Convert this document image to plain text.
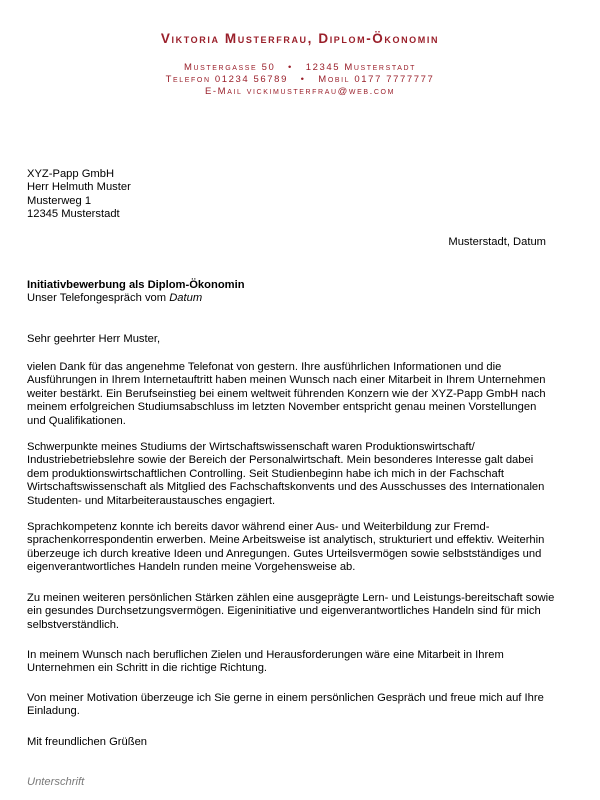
Viktoria Musterfrau, Diplom-Ökonomin
Mustergasse 50   •   12345 Musterstadt
Telefon 01234 56789   •   Mobil 0177 7777777
E-Mail vickimusterfrau@web.com
XYZ-Papp GmbH
Herr Helmuth Muster
Musterweg 1
12345 Musterstadt
Musterstadt, Datum
Initiativbewerbung als Diplom-Ökonomin
Unser Telefongespräch vom Datum
Sehr geehrter Herr Muster,
vielen Dank für das angenehme Telefonat von gestern. Ihre ausführlichen Informationen und die Ausführungen in Ihrem Internetauftritt haben meinen Wunsch nach einer Mitarbeit in Ihrem Unternehmen weiter bestärkt. Ein Berufseinstieg bei einem weltweit führenden Konzern wie der XYZ-Papp GmbH nach meinem erfolgreichen Studiumsabschluss im letzten November entspricht genau meinen Vorstellungen und Qualifikationen.
Schwerpunkte meines Studiums der Wirtschaftswissenschaft waren Produktionswirtschaft/ Industriebetriebslehre sowie der Bereich der Personalwirtschaft. Mein besonderes Interesse galt dabei dem produktionswirtschaftlichen Controlling. Seit Studienbeginn habe ich mich in der Fachschaft Wirtschaftswissenschaft als Mitglied des Fachschaftskonvents und des Ausschusses des Internationalen Studenten- und Mitarbeiteraustausches engagiert.
Sprachkompetenz konnte ich bereits davor während einer Aus- und Weiterbildung zur Fremd-sprachenkorrespondentin erwerben. Meine Arbeitsweise ist analytisch, strukturiert und effektiv. Weiterhin überzeuge ich durch kreative Ideen und Anregungen. Gutes Urteilsvermögen sowie selbstständiges und eigenverantwortliches Handeln runden meine Vorgehensweise ab.
Zu meinen weiteren persönlichen Stärken zählen eine ausgeprägte Lern- und Leistungs-bereitschaft sowie ein gesundes Durchsetzungsvermögen. Eigeninitiative und eigenverantwortliches Handeln sind für mich selbstverständlich.
In meinem Wunsch nach beruflichen Zielen und Herausforderungen wäre eine Mitarbeit in Ihrem Unternehmen ein Schritt in die richtige Richtung.
Von meiner Motivation überzeuge ich Sie gerne in einem persönlichen Gespräch und freue mich auf Ihre Einladung.
Mit freundlichen Grüßen
Unterschrift
